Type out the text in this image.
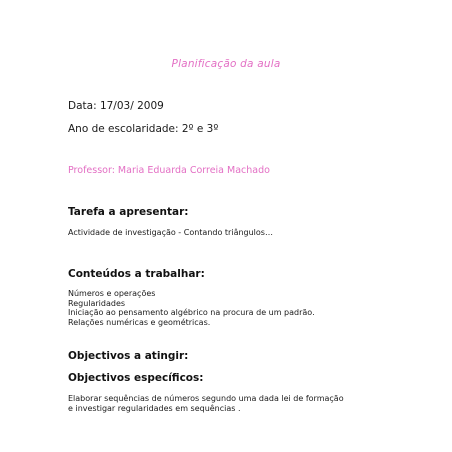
Planificação da aula
Data: 17/03/ 2009
Ano de escolaridade: 2º e 3º
Professor: Maria Eduarda Correia Machado
Tarefa a apresentar:
Actividade de investigação - Contando triângulos…
Conteúdos a trabalhar:
Números e operações
Regularidades
Iniciação ao pensamento algébrico na procura de um padrão.
Relações numéricas e geométricas.
Objectivos a atingir:
Objectivos específicos:
Elaborar sequências de números segundo uma dada lei de formação
e investigar regularidades em sequências .
